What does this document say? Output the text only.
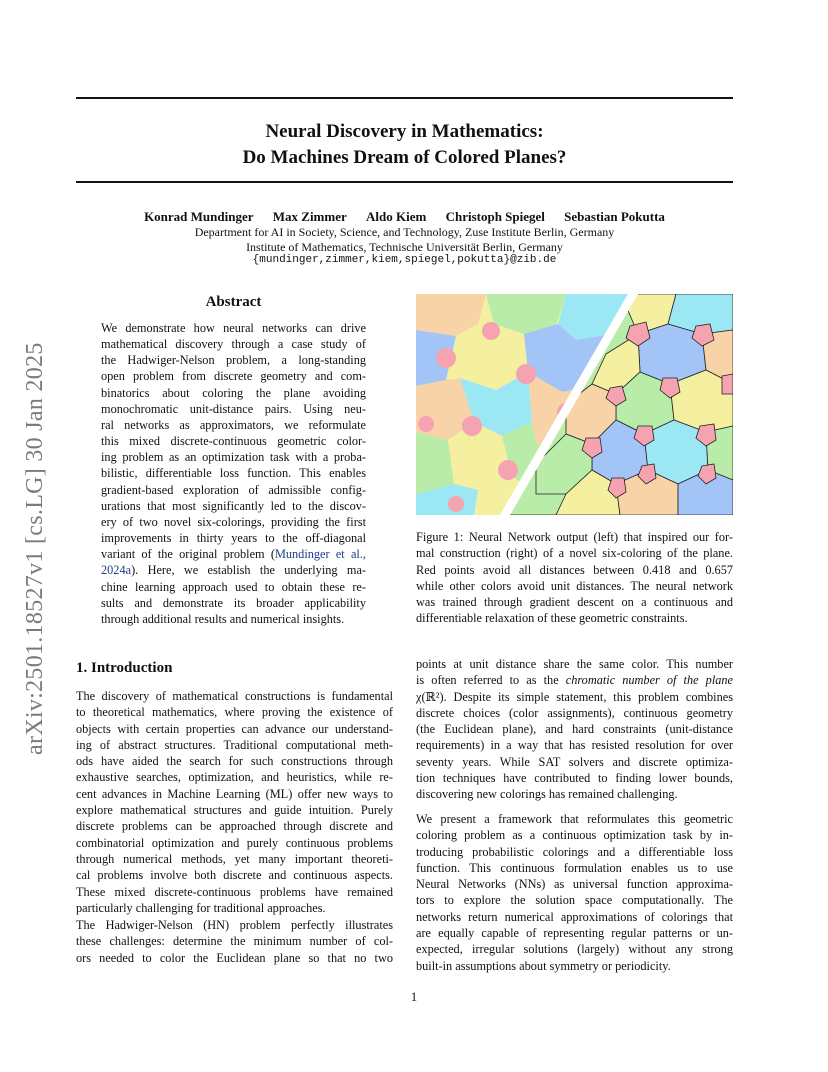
arXiv:2501.18527v1 [cs.LG] 30 Jan 2025
Neural Discovery in Mathematics:
Do Machines Dream of Colored Planes?
Konrad Mundinger Max Zimmer Aldo Kiem Christoph Spiegel Sebastian Pokutta
Department for AI in Society, Science, and Technology, Zuse Institute Berlin, Germany
Institute of Mathematics, Technische Universität Berlin, Germany
{mundinger,zimmer,kiem,spiegel,pokutta}@zib.de
Abstract
We demonstrate how neural networks can drive
mathematical discovery through a case study of
the Hadwiger-Nelson problem, a long-standing
open problem from discrete geometry and com-
binatorics about coloring the plane avoiding
monochromatic unit-distance pairs. Using neu-
ral networks as approximators, we reformulate
this mixed discrete-continuous geometric color-
ing problem as an optimization task with a proba-
bilistic, differentiable loss function. This enables
gradient-based exploration of admissible config-
urations that most significantly led to the discov-
ery of two novel six-colorings, providing the first
improvements in thirty years to the off-diagonal
variant of the original problem (Mundinger et al.,
2024a). Here, we establish the underlying ma-
chine learning approach used to obtain these re-
sults and demonstrate its broader applicability
through additional results and numerical insights.
Figure 1: Neural Network output (left) that inspired our for-
mal construction (right) of a novel six-coloring of the plane.
Red points avoid all distances between 0.418 and 0.657
while other colors avoid unit distances. The neural network
was trained through gradient descent on a continuous and
differentiable relaxation of these geometric constraints.
1. Introduction
The discovery of mathematical constructions is fundamental
to theoretical mathematics, where proving the existence of
objects with certain properties can advance our understand-
ing of abstract structures. Traditional computational meth-
ods have aided the search for such constructions through
exhaustive searches, optimization, and heuristics, while re-
cent advances in Machine Learning (ML) offer new ways to
explore mathematical structures and guide intuition. Purely
discrete problems can be approached through discrete and
combinatorial optimization and purely continuous problems
through numerical methods, yet many important theoreti-
cal problems involve both discrete and continuous aspects.
These mixed discrete-continuous problems have remained
particularly challenging for traditional approaches.
The Hadwiger-Nelson (HN) problem perfectly illustrates
these challenges: determine the minimum number of col-
ors needed to color the Euclidean plane so that no two
points at unit distance share the same color. This number
is often referred to as the chromatic number of the plane
χ(ℝ²). Despite its simple statement, this problem combines
discrete choices (color assignments), continuous geometry
(the Euclidean plane), and hard constraints (unit-distance
requirements) in a way that has resisted resolution for over
seventy years. While SAT solvers and discrete optimiza-
tion techniques have contributed to finding lower bounds,
discovering new colorings has remained challenging.
We present a framework that reformulates this geometric
coloring problem as a continuous optimization task by in-
troducing probabilistic colorings and a differentiable loss
function. This continuous formulation enables us to use
Neural Networks (NNs) as universal function approxima-
tors to explore the solution space computationally. The
networks return numerical approximations of colorings that
are equally capable of representing regular patterns or un-
expected, irregular solutions (largely) without any strong
built-in assumptions about symmetry or periodicity.
1
